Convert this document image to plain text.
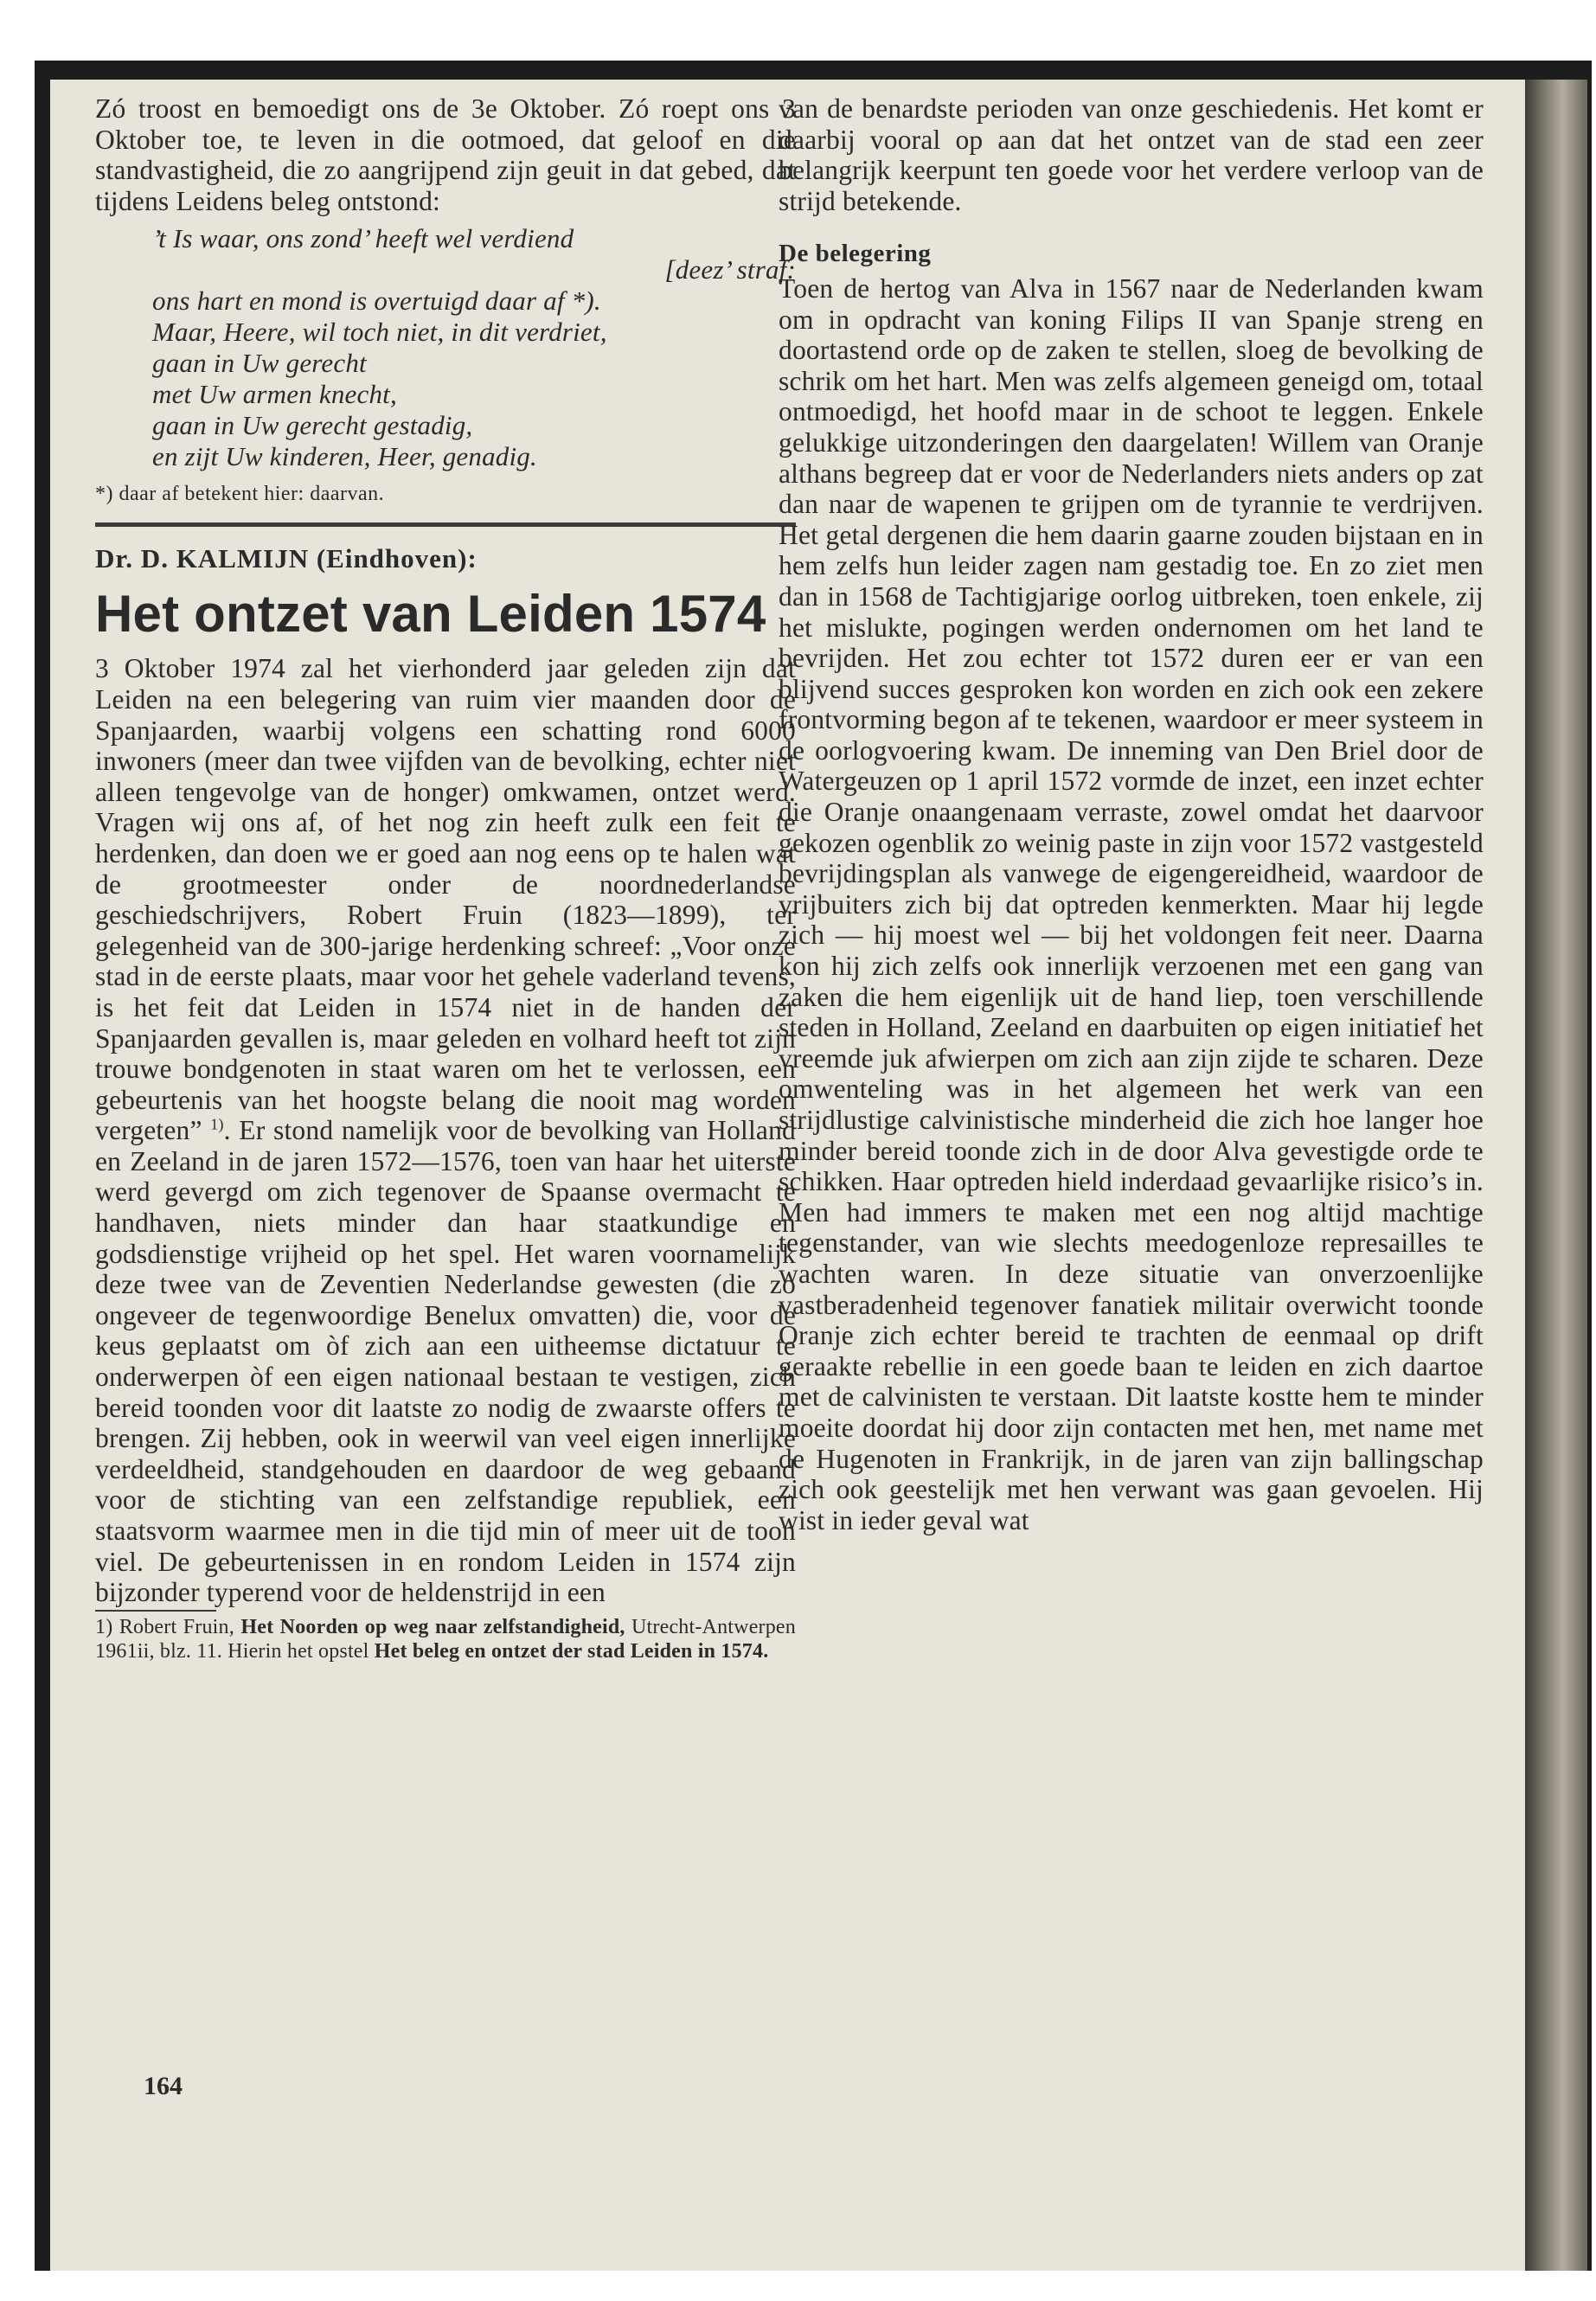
Zó troost en bemoedigt ons de 3e Oktober. Zó roept ons 3 Oktober toe, te leven in die ootmoed, dat geloof en die standvastigheid, die zo aangrijpend zijn geuit in dat gebed, dat tijdens Leidens beleg ontstond:

’t Is waar, ons zond’ heeft wel verdiend
[deez’ straf:
ons hart en mond is overtuigd daar af *).
Maar, Heere, wil toch niet, in dit verdriet,
gaan in Uw gerecht
met Uw armen knecht,
gaan in Uw gerecht gestadig,
en zijt Uw kinderen, Heer, genadig.
*) daar af betekent hier: daarvan.
Dr. D. KALMIJN (Eindhoven):
Het ontzet van Leiden 1574

3 Oktober 1974 zal het vierhonderd jaar geleden zijn dat Leiden na een belegering van ruim vier maanden door de Spanjaarden, waarbij volgens een schatting rond 6000 inwoners (meer dan twee vijfden van de bevolking, echter niet alleen tengevolge van de honger) omkwamen, ontzet werd. Vragen wij ons af, of het nog zin heeft zulk een feit te herdenken, dan doen we er goed aan nog eens op te halen wat de grootmeester onder de noordnederlandse geschiedschrijvers, Robert Fruin (1823—1899), ter gelegenheid van de 300-jarige herdenking schreef: „Voor onze stad in de eerste plaats, maar voor het gehele vaderland tevens, is het feit dat Leiden in 1574 niet in de handen der Spanjaarden gevallen is, maar geleden en volhard heeft tot zijn trouwe bondgenoten in staat waren om het te verlossen, een gebeurtenis van het hoogste belang die nooit mag worden vergeten” $^{1)}$. Er stond namelijk voor de bevolking van Holland en Zeeland in de jaren 1572—1576, toen van haar het uiterste werd gevergd om zich tegenover de Spaanse overmacht te handhaven, niets minder dan haar staatkundige en godsdienstige vrijheid op het spel. Het waren voornamelijk deze twee van de Zeventien Nederlandse gewesten (die zo ongeveer de tegenwoordige Benelux omvatten) die, voor de keus geplaatst om òf zich aan een uitheemse dictatuur te onderwerpen òf een eigen nationaal bestaan te vestigen, zich bereid toonden voor dit laatste zo nodig de zwaarste offers te brengen. Zij hebben, ook in weerwil van veel eigen innerlijke verdeeldheid, standgehouden en daardoor de weg gebaand voor de stichting van een zelfstandige republiek, een staatsvorm waarmee men in die tijd min of meer uit de toon viel. De gebeurtenissen in en rondom Leiden in 1574 zijn bijzonder typerend voor de heldenstrijd in een

1) Robert Fruin, Het Noorden op weg naar zelfstandigheid, Utrecht-Antwerpen 1961ii, blz. 11. Hierin het opstel Het beleg en ontzet der stad Leiden in 1574.
164

van de benardste perioden van onze geschiedenis. Het komt er daarbij vooral op aan dat het ontzet van de stad een zeer belangrijk keerpunt ten goede voor het verdere verloop van de strijd betekende.

De belegering

Toen de hertog van Alva in 1567 naar de Nederlanden kwam om in opdracht van koning Filips II van Spanje streng en doortastend orde op de zaken te stellen, sloeg de bevolking de schrik om het hart. Men was zelfs algemeen geneigd om, totaal ontmoedigd, het hoofd maar in de schoot te leggen. Enkele gelukkige uitzonderingen den daargelaten! Willem van Oranje althans begreep dat er voor de Nederlanders niets anders op zat dan naar de wapenen te grijpen om de tyrannie te verdrijven. Het getal dergenen die hem daarin gaarne zouden bijstaan en in hem zelfs hun leider zagen nam gestadig toe. En zo ziet men dan in 1568 de Tachtigjarige oorlog uitbreken, toen enkele, zij het mislukte, pogingen werden ondernomen om het land te bevrijden. Het zou echter tot 1572 duren eer er van een blijvend succes gesproken kon worden en zich ook een zekere frontvorming begon af te tekenen, waardoor er meer systeem in de oorlogvoering kwam. De inneming van Den Briel door de Watergeuzen op 1 april 1572 vormde de inzet, een inzet echter die Oranje onaangenaam verraste, zowel omdat het daarvoor gekozen ogenblik zo weinig paste in zijn voor 1572 vastgesteld bevrijdingsplan als vanwege de eigengereidheid, waardoor de vrijbuiters zich bij dat optreden kenmerkten. Maar hij legde zich — hij moest wel — bij het voldongen feit neer. Daarna kon hij zich zelfs ook innerlijk verzoenen met een gang van zaken die hem eigenlijk uit de hand liep, toen verschillende steden in Holland, Zeeland en daarbuiten op eigen initiatief het vreemde juk afwierpen om zich aan zijn zijde te scharen. Deze omwenteling was in het algemeen het werk van een strijdlustige calvinistische minderheid die zich hoe langer hoe minder bereid toonde zich in de door Alva gevestigde orde te schikken. Haar optreden hield inderdaad gevaarlijke risico’s in. Men had immers te maken met een nog altijd machtige tegenstander, van wie slechts meedogenloze represailles te wachten waren. In deze situatie van onverzoenlijke vastberadenheid tegenover fanatiek militair overwicht toonde Oranje zich echter bereid te trachten de eenmaal op drift geraakte rebellie in een goede baan te leiden en zich daartoe met de calvinisten te verstaan. Dit laatste kostte hem te minder moeite doordat hij door zijn contacten met hen, met name met de Hugenoten in Frankrijk, in de jaren van zijn ballingschap zich ook geestelijk met hen verwant was gaan gevoelen. Hij wist in ieder geval wat
